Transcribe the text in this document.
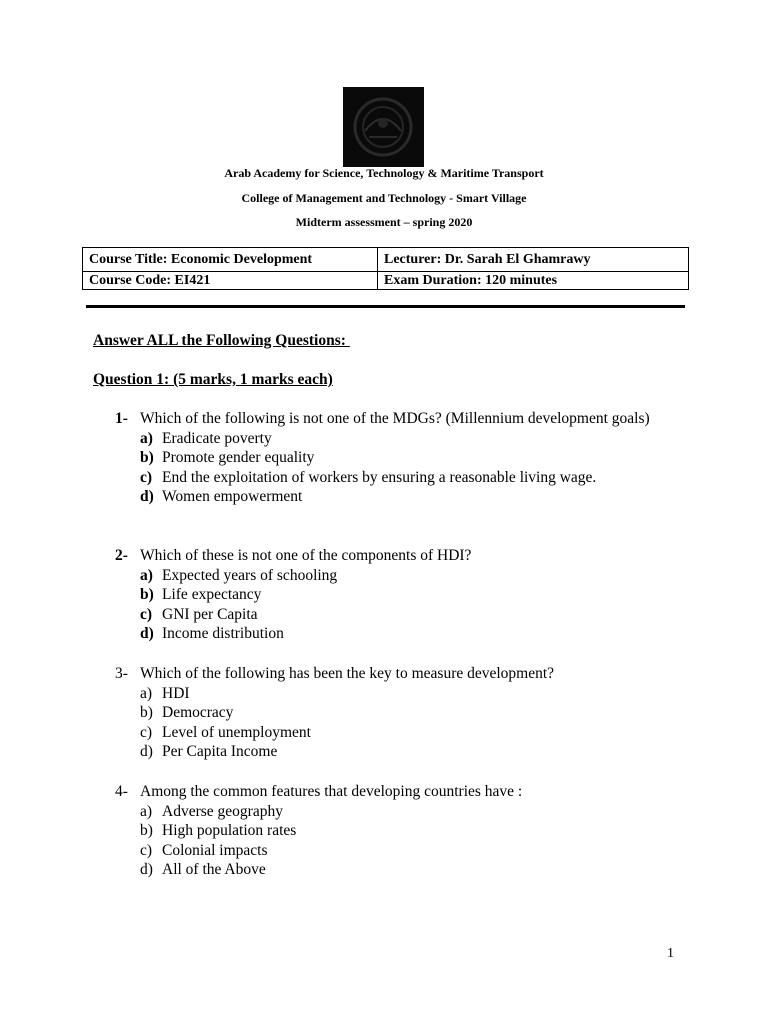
Arab Academy for Science, Technology & Maritime Transport
College of Management and Technology - Smart Village
Midterm assessment – spring 2020
Course Title: Economic Development	Lecturer: Dr. Sarah El Ghamrawy
Course Code: EI421	Exam Duration: 120 minutes
Answer ALL the Following Questions:
Question 1: (5 marks, 1 marks each)
1- Which of the following is not one of the MDGs? (Millennium development goals)
a) Eradicate poverty
b) Promote gender equality
c) End the exploitation of workers by ensuring a reasonable living wage.
d) Women empowerment
2- Which of these is not one of the components of HDI?
a) Expected years of schooling
b) Life expectancy
c) GNI per Capita
d) Income distribution
3- Which of the following has been the key to measure development?
a) HDI
b) Democracy
c) Level of unemployment
d) Per Capita Income
4- Among the common features that developing countries have :
a) Adverse geography
b) High population rates
c) Colonial impacts
d) All of the Above
1
